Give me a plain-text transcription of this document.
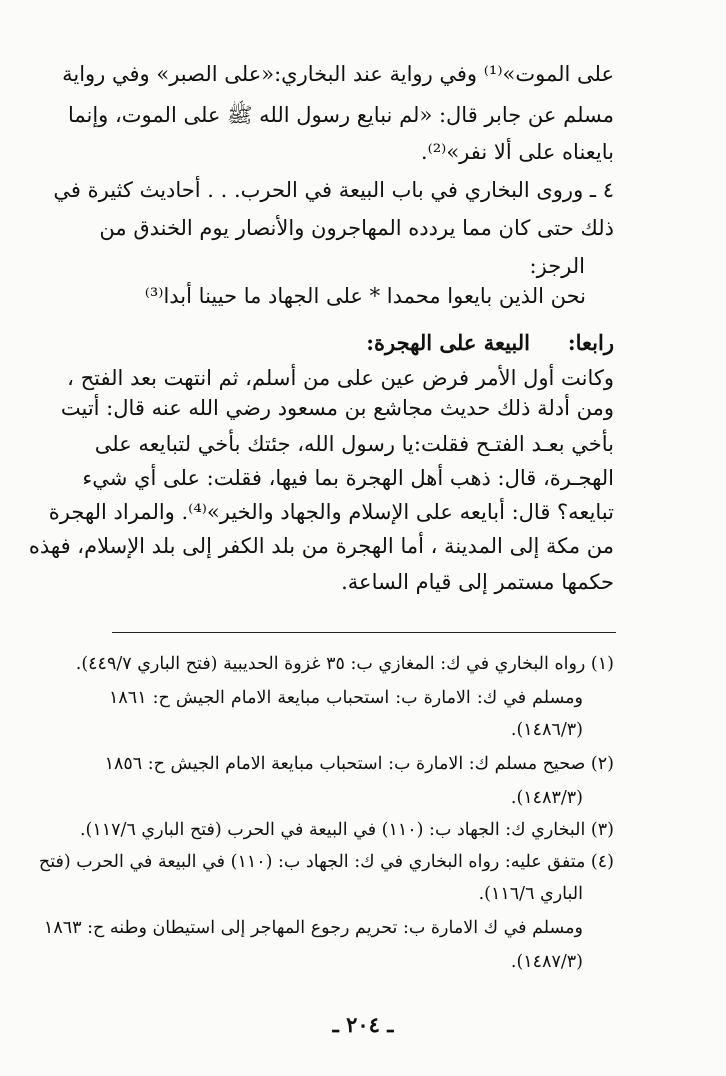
على الموت»⁽¹⁾ وفي رواية عند البخاري:«على الصبر» وفي رواية
مسلم عن جابر قال: «لم نبايع رسول الله ﷺ على الموت، وإنما
بايعناه على ألا نفر»⁽²⁾.
٤ ـ وروى البخاري في باب البيعة في الحرب. . . أحاديث كثيرة في
ذلك حتى كان مما يردده المهاجرون والأنصار يوم الخندق من
الرجز:
نحن الذين بايعوا محمدا * على الجهاد ما حيينا أبدا⁽³⁾
رابعا:
البيعة على الهجرة:
وكانت أول الأمر فرض عين على من أسلم، ثم انتهت بعد الفتح ،
ومن أدلة ذلك حديث مجاشع بن مسعود رضي الله عنه قال: أتيت
بأخي بعـد الفتـح فقلت:يا رسول الله، جئتك بأخي لتبايعه على
الهجـرة، قال: ذهب أهل الهجرة بما فيها، فقلت: على أي شيء
تبايعه؟ قال: أبايعه على الإسلام والجهاد والخير»⁽⁴⁾. والمراد الهجرة
من مكة إلى المدينة ، أما الهجرة من بلد الكفر إلى بلد الإسلام، فهذه
حكمها مستمر إلى قيام الساعة.
(١) رواه البخاري في ك: المغازي ب: ٣٥ غزوة الحديبية (فتح الباري ٤٤٩/٧).
ومسلم في ك: الامارة ب: استحباب مبايعة الامام الجيش ح: ١٨٦١
(١٤٨٦/٣).
(٢) صحيح مسلم ك: الامارة ب: استحباب مبايعة الامام الجيش ح: ١٨٥٦
(١٤٨٣/٣).
(٣) البخاري ك: الجهاد ب: (١١٠) في البيعة في الحرب (فتح الباري ١١٧/٦).
(٤) متفق عليه: رواه البخاري في ك: الجهاد ب: (١١٠) في البيعة في الحرب (فتح
الباري ١١٦/٦).
ومسلم في ك الامارة ب: تحريم رجوع المهاجر إلى استيطان وطنه ح: ١٨٦٣
(١٤٨٧/٣).
ـ ٢٠٤ ـ
